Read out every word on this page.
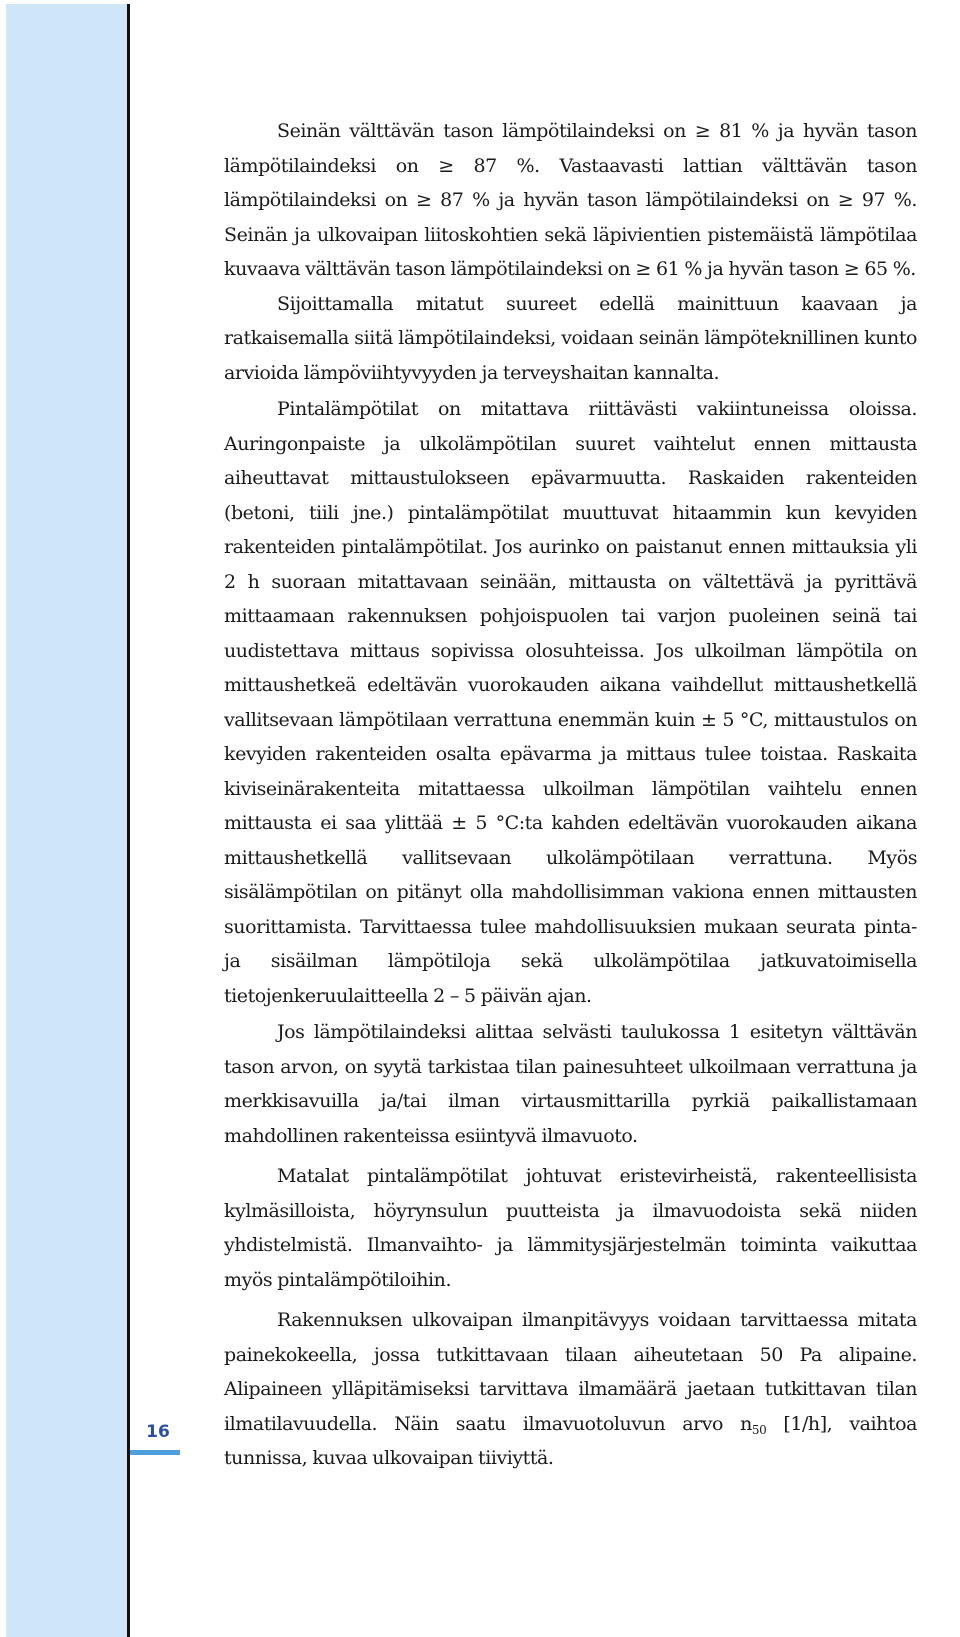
16

Seinän välttävän tason lämpötilaindeksi on ≥ 81 % ja hyvän tason lämpötilaindeksi on ≥ 87 %. Vastaavasti lattian välttävän tason lämpötilaindeksi on ≥ 87 % ja hyvän tason lämpötilaindeksi on ≥ 97 %. Seinän ja ulkovaipan liitoskohtien sekä läpivientien pistemäistä lämpötilaa kuvaava välttävän tason lämpötilaindeksi on ≥ 61 % ja hyvän tason ≥ 65 %.

Sijoittamalla mitatut suureet edellä mainittuun kaavaan ja ratkaisemalla siitä lämpötilaindeksi, voidaan seinän lämpöteknillinen kunto arvioida lämpöviihtyvyyden ja terveyshaitan kannalta.

Pintalämpötilat on mitattava riittävästi vakiintuneissa oloissa. Auringonpaiste ja ulkolämpötilan suuret vaihtelut ennen mittausta aiheuttavat mittaustulokseen epävarmuutta. Raskaiden rakenteiden (betoni, tiili jne.) pintalämpötilat muuttuvat hitaammin kun kevyiden rakenteiden pintalämpötilat. Jos aurinko on paistanut ennen mittauksia yli 2 h suoraan mitattavaan seinään, mittausta on vältettävä ja pyrittävä mittaamaan rakennuksen pohjoispuolen tai varjon puoleinen seinä tai uudistettava mittaus sopivissa olosuhteissa. Jos ulkoilman lämpötila on mittaushetkeä edeltävän vuorokauden aikana vaihdellut mittaushetkellä vallitsevaan lämpötilaan verrattuna enemmän kuin ± 5 °C, mittaustulos on kevyiden rakenteiden osalta epävarma ja mittaus tulee toistaa. Raskaita kiviseinärakenteita mitattaessa ulkoilman lämpötilan vaihtelu ennen mittausta ei saa ylittää ± 5 °C:ta kahden edeltävän vuorokauden aikana mittaushetkellä vallitsevaan ulkolämpötilaan verrattuna. Myös sisälämpötilan on pitänyt olla mahdollisimman vakiona ennen mittausten suorittamista. Tarvittaessa tulee mahdollisuuksien mukaan seurata pinta- ja sisäilman lämpötiloja sekä ulkolämpötilaa jatkuvatoimisella tietojenkeruulaitteella 2 – 5 päivän ajan.

Jos lämpötilaindeksi alittaa selvästi taulukossa 1 esitetyn välttävän tason arvon, on syytä tarkistaa tilan painesuhteet ulkoilmaan verrattuna ja merkkisavuilla ja/tai ilman virtausmittarilla pyrkiä paikallistamaan mahdollinen rakenteissa esiintyvä ilmavuoto.

Matalat pintalämpötilat johtuvat eristevirheistä, rakenteellisista kylmäsilloista, höyrynsulun puutteista ja ilmavuodoista sekä niiden yhdistelmistä. Ilmanvaihto- ja lämmitysjärjestelmän toiminta vaikuttaa myös pintalämpötiloihin.

Rakennuksen ulkovaipan ilmanpitävyys voidaan tarvittaessa mitata painekokeella, jossa tutkittavaan tilaan aiheutetaan 50 Pa alipaine. Alipaineen ylläpitämiseksi tarvittava ilmamäärä jaetaan tutkittavan tilan ilmatilavuudella. Näin saatu ilmavuotoluvun arvo $n_{50}$ [1/h], vaihtoa tunnissa, kuvaa ulkovaipan tiiviyttä.
